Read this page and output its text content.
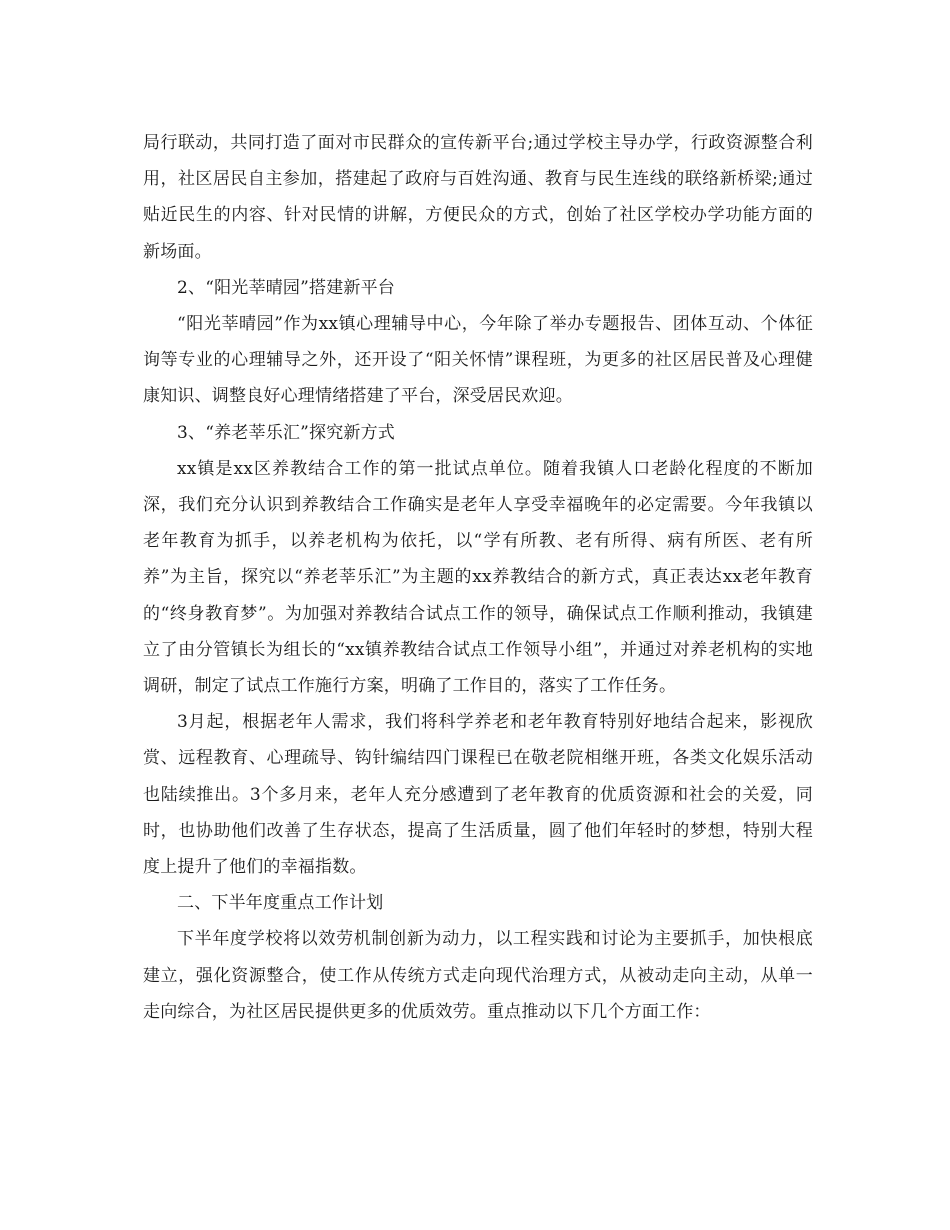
局行联动，共同打造了面对市民群众的宣传新平台;通过学校主导办学，行政资源整合利用，社区居民自主参加，搭建起了政府与百姓沟通、教育与民生连线的联络新桥梁;通过贴近民生的内容、针对民情的讲解，方便民众的方式，创始了社区学校办学功能方面的新场面。

2、“阳光莘晴园”搭建新平台

“阳光莘晴园”作为xx镇心理辅导中心，今年除了举办专题报告、团体互动、个体征询等专业的心理辅导之外，还开设了“阳关怀情”课程班，为更多的社区居民普及心理健康知识、调整良好心理情绪搭建了平台，深受居民欢迎。

3、“养老莘乐汇”探究新方式

xx镇是xx区养教结合工作的第一批试点单位。随着我镇人口老龄化程度的不断加深，我们充分认识到养教结合工作确实是老年人享受幸福晚年的必定需要。今年我镇以老年教育为抓手，以养老机构为依托，以“学有所教、老有所得、病有所医、老有所养”为主旨，探究以“养老莘乐汇”为主题的xx养教结合的新方式，真正表达xx老年教育的“终身教育梦”。为加强对养教结合试点工作的领导，确保试点工作顺利推动，我镇建立了由分管镇长为组长的“xx镇养教结合试点工作领导小组”，并通过对养老机构的实地调研，制定了试点工作施行方案，明确了工作目的，落实了工作任务。

3月起，根据老年人需求，我们将科学养老和老年教育特别好地结合起来，影视欣赏、远程教育、心理疏导、钩针编结四门课程已在敬老院相继开班，各类文化娱乐活动也陆续推出。3个多月来，老年人充分感遭到了老年教育的优质资源和社会的关爱，同时，也协助他们改善了生存状态，提高了生活质量，圆了他们年轻时的梦想，特别大程度上提升了他们的幸福指数。

二、下半年度重点工作计划

下半年度学校将以效劳机制创新为动力，以工程实践和讨论为主要抓手，加快根底建立，强化资源整合，使工作从传统方式走向现代治理方式，从被动走向主动，从单一走向综合，为社区居民提供更多的优质效劳。重点推动以下几个方面工作：
